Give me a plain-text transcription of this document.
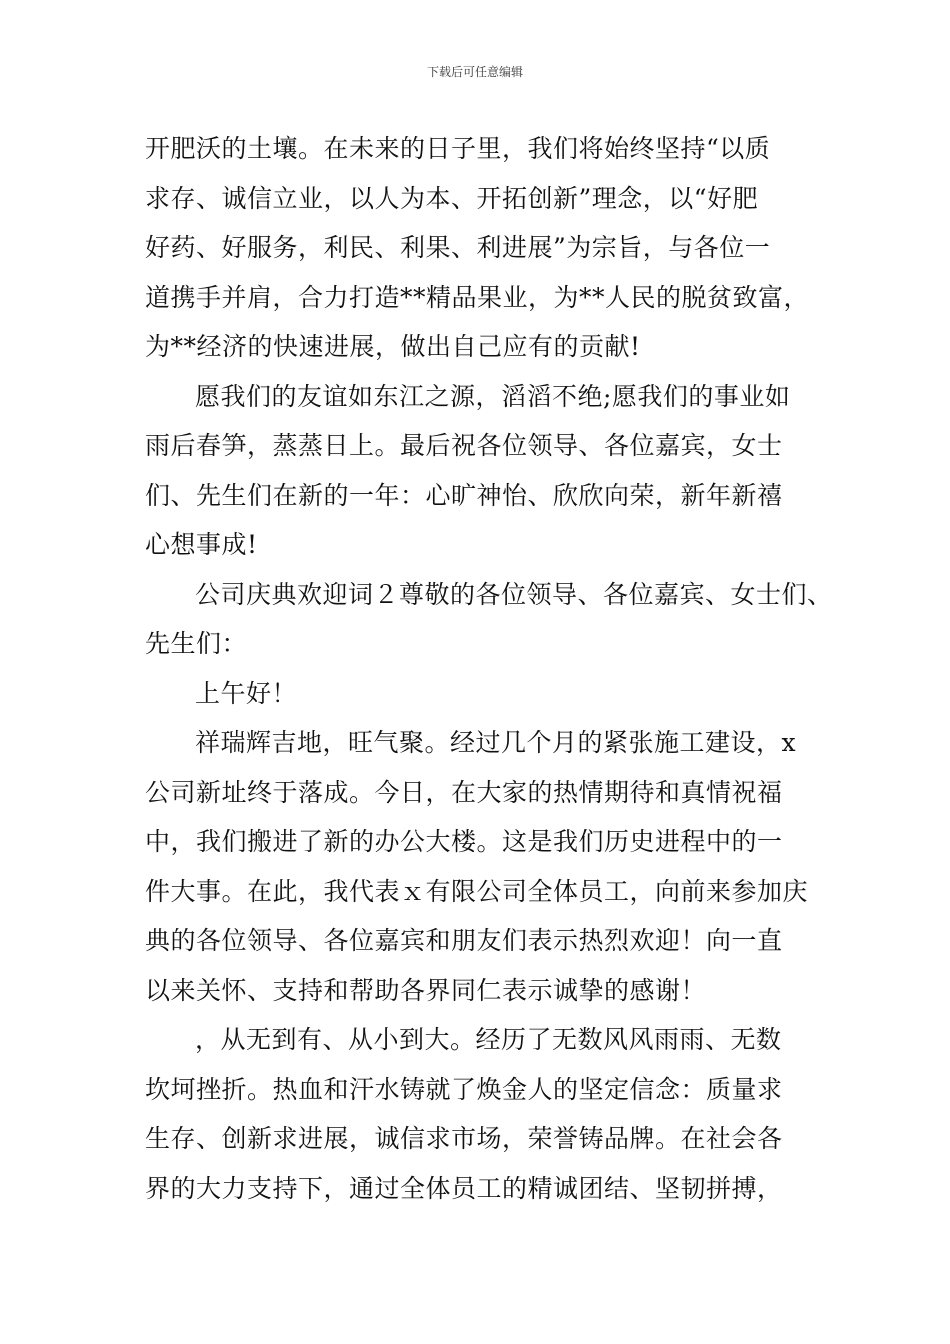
下载后可任意编辑

开肥沃的土壤。在未来的日子里，我们将始终坚持“以质
求存、诚信立业，以人为本、开拓创新”理念，以“好肥
好药、好服务，利民、利果、利进展”为宗旨，与各位一
道携手并肩，合力打造**精品果业，为**人民的脱贫致富，
为**经济的快速进展，做出自己应有的贡献!

愿我们的友谊如东江之源，滔滔不绝;愿我们的事业如
雨后春笋，蒸蒸日上。最后祝各位领导、各位嘉宾，女士
们、先生们在新的一年：心旷神怡、欣欣向荣，新年新禧
心想事成!

公司庆典欢迎词２尊敬的各位领导、各位嘉宾、女士们、
先生们：

上午好！

祥瑞辉吉地，旺气聚。经过几个月的紧张施工建设，x
公司新址终于落成。今日，在大家的热情期待和真情祝福
中，我们搬进了新的办公大楼。这是我们历史进程中的一
件大事。在此，我代表ｘ有限公司全体员工，向前来参加庆
典的各位领导、各位嘉宾和朋友们表示热烈欢迎！向一直
以来关怀、支持和帮助各界同仁表示诚挚的感谢！

，从无到有、从小到大。经历了无数风风雨雨、无数
坎坷挫折。热血和汗水铸就了焕金人的坚定信念：质量求
生存、创新求进展，诚信求市场，荣誉铸品牌。在社会各
界的大力支持下，通过全体员工的精诚团结、坚韧拼搏，
